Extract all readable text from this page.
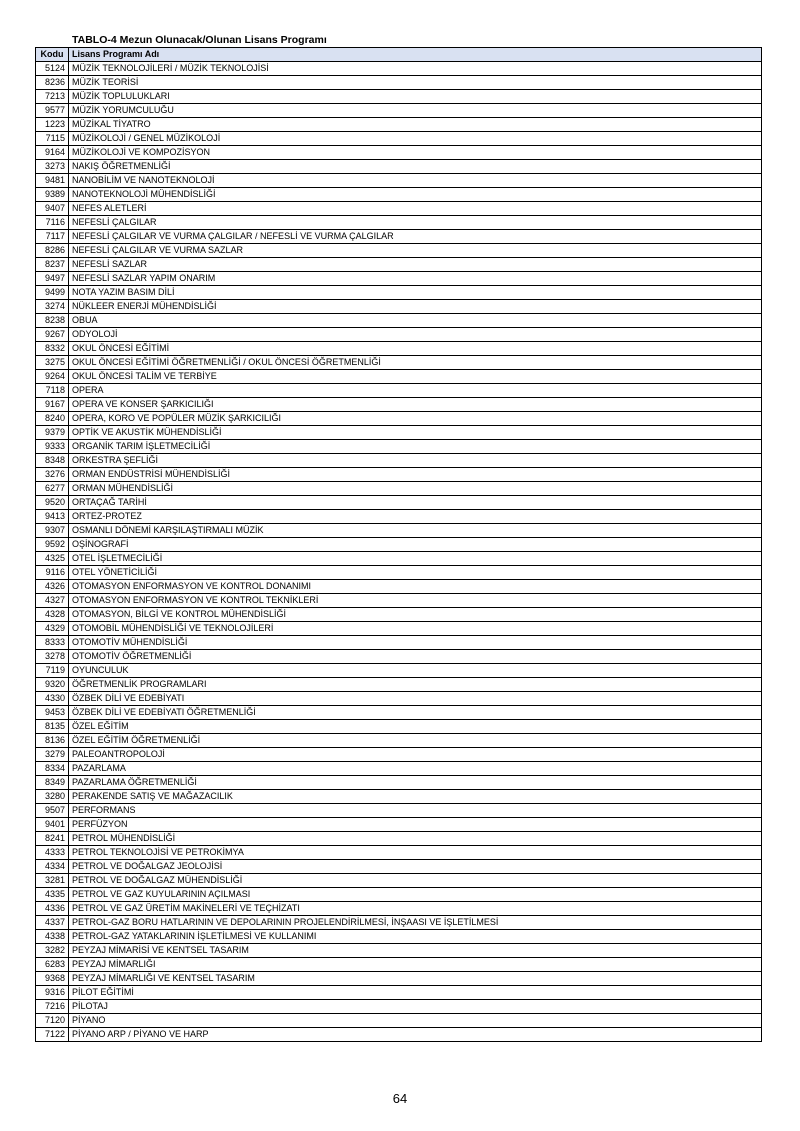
TABLO-4 Mezun Olunacak/Olunan Lisans Programı
Kodu	Lisans Programı Adı
5124	MÜZİK TEKNOLOJİLERİ / MÜZİK TEKNOLOJİSİ
8236	MÜZİK TEORİSİ
7213	MÜZİK TOPLULUKLARI
9577	MÜZİK YORUMCULUĞU
1223	MÜZİKAL TİYATRO
7115	MÜZİKOLOJİ / GENEL MÜZİKOLOJİ
9164	MÜZİKOLOJİ VE KOMPOZİSYON
3273	NAKIŞ ÖĞRETMENLİĞİ
9481	NANOBİLİM VE NANOTEKNOLOJİ
9389	NANOTEKNOLOJİ MÜHENDİSLİĞİ
9407	NEFES ALETLERİ
7116	NEFESLİ ÇALGILAR
7117	NEFESLİ ÇALGILAR VE VURMA ÇALGILAR / NEFESLİ VE VURMA ÇALGILAR
8286	NEFESLİ ÇALGILAR VE VURMA SAZLAR
8237	NEFESLİ SAZLAR
9497	NEFESLİ SAZLAR YAPIM ONARIM
9499	NOTA YAZIM BASIM DİLİ
3274	NÜKLEER ENERJİ MÜHENDİSLİĞİ
8238	OBUA
9267	ODYOLOJİ
8332	OKUL ÖNCESİ EĞİTİMİ
3275	OKUL ÖNCESİ EĞİTİMİ ÖĞRETMENLİĞİ / OKUL ÖNCESİ ÖĞRETMENLİĞİ
9264	OKUL ÖNCESİ TALİM VE TERBİYE
7118	OPERA
9167	OPERA VE KONSER ŞARKICILIĞI
8240	OPERA, KORO VE POPÜLER MÜZİK ŞARKICILIĞI
9379	OPTİK VE AKUSTİK MÜHENDİSLİĞİ
9333	ORGANİK TARIM İŞLETMECİLİĞİ
8348	ORKESTRA ŞEFLİĞİ
3276	ORMAN ENDÜSTRİSİ MÜHENDİSLİĞİ
6277	ORMAN MÜHENDİSLİĞİ
9520	ORTAÇAĞ TARİHİ
9413	ORTEZ-PROTEZ
9307	OSMANLI DÖNEMİ KARŞILAŞTIRMALI MÜZİK
9592	OŞİNOGRAFİ
4325	OTEL İŞLETMECİLİĞİ
9116	OTEL YÖNETİCİLİĞİ
4326	OTOMASYON ENFORMASYON VE KONTROL DONANIMI
4327	OTOMASYON ENFORMASYON VE KONTROL TEKNİKLERİ
4328	OTOMASYON, BİLGİ VE KONTROL MÜHENDİSLİĞİ
4329	OTOMOBİL MÜHENDİSLİĞİ VE TEKNOLOJİLERİ
8333	OTOMOTİV MÜHENDİSLİĞİ
3278	OTOMOTİV ÖĞRETMENLİĞİ
7119	OYUNCULUK
9320	ÖĞRETMENLİK PROGRAMLARI
4330	ÖZBEK DİLİ VE EDEBİYATI
9453	ÖZBEK DİLİ VE EDEBİYATI ÖĞRETMENLİĞİ
8135	ÖZEL EĞİTİM
8136	ÖZEL EĞİTİM ÖĞRETMENLİĞİ
3279	PALEOANTROPOLOJİ
8334	PAZARLAMA
8349	PAZARLAMA ÖĞRETMENLİĞİ
3280	PERAKENDE SATIŞ VE MAĞAZACILIK
9507	PERFORMANS
9401	PERFÜZYON
8241	PETROL MÜHENDİSLİĞİ
4333	PETROL TEKNOLOJİSİ VE PETROKİMYA
4334	PETROL VE DOĞALGAZ JEOLOJİSİ
3281	PETROL VE DOĞALGAZ MÜHENDİSLİĞİ
4335	PETROL VE GAZ KUYULARININ AÇILMASI
4336	PETROL VE GAZ ÜRETİM MAKİNELERİ VE TEÇHİZATI
4337	PETROL-GAZ BORU HATLARININ VE DEPOLARININ PROJELENDİRİLMESİ, İNŞAASI VE İŞLETİLMESİ
4338	PETROL-GAZ YATAKLARININ İŞLETİLMESİ VE KULLANIMI
3282	PEYZAJ MİMARİSİ VE KENTSEL TASARIM
6283	PEYZAJ MİMARLIĞI
9368	PEYZAJ MİMARLIĞI VE KENTSEL TASARIM
9316	PİLOT EĞİTİMİ
7216	PİLOTAJ
7120	PİYANO
7122	PİYANO ARP / PİYANO VE HARP
64
